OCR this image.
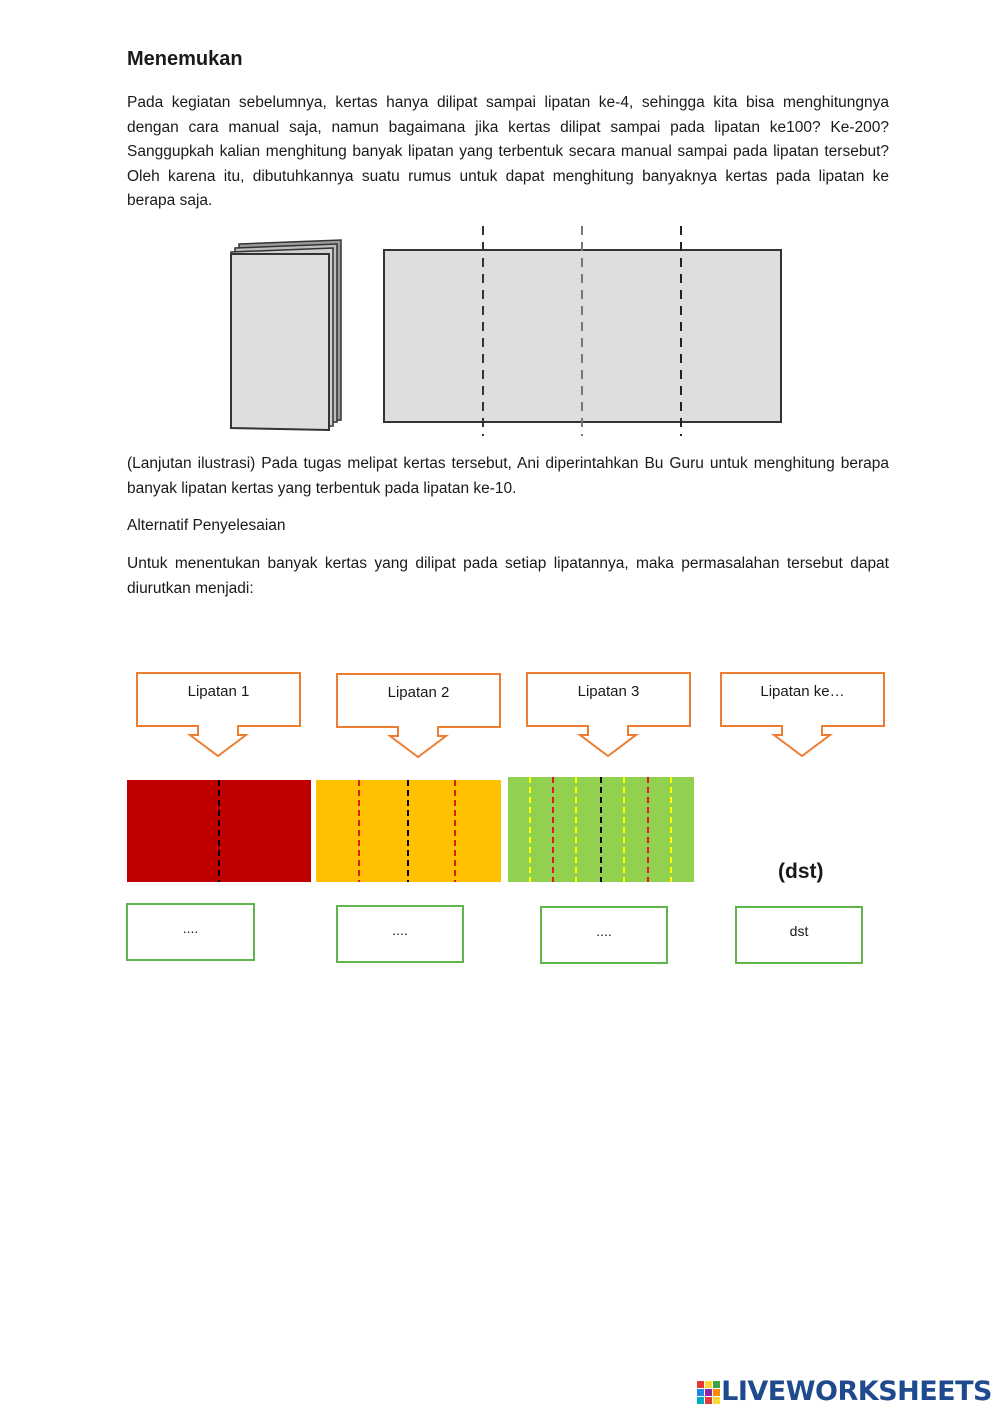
Menemukan
Pada kegiatan sebelumnya, kertas hanya dilipat sampai lipatan ke-4, sehingga kita bisa menghitungnya dengan cara manual saja, namun bagaimana jika kertas dilipat sampai pada lipatan ke100? Ke-200? Sanggupkah kalian menghitung banyak lipatan yang terbentuk secara manual sampai pada lipatan tersebut? Oleh karena itu, dibutuhkannya suatu rumus untuk dapat menghitung banyaknya kertas pada lipatan ke berapa saja.
(Lanjutan ilustrasi) Pada tugas melipat kertas tersebut, Ani diperintahkan Bu Guru untuk menghitung berapa banyak lipatan kertas yang terbentuk pada lipatan ke-10.
Alternatif Penyelesaian
Untuk menentukan banyak kertas yang dilipat pada setiap lipatannya, maka permasalahan tersebut dapat diurutkan menjadi:
Lipatan 1	Lipatan 2	Lipatan 3	Lipatan ke…
(dst)
....	....	....	dst
LIVEWORKSHEETS
